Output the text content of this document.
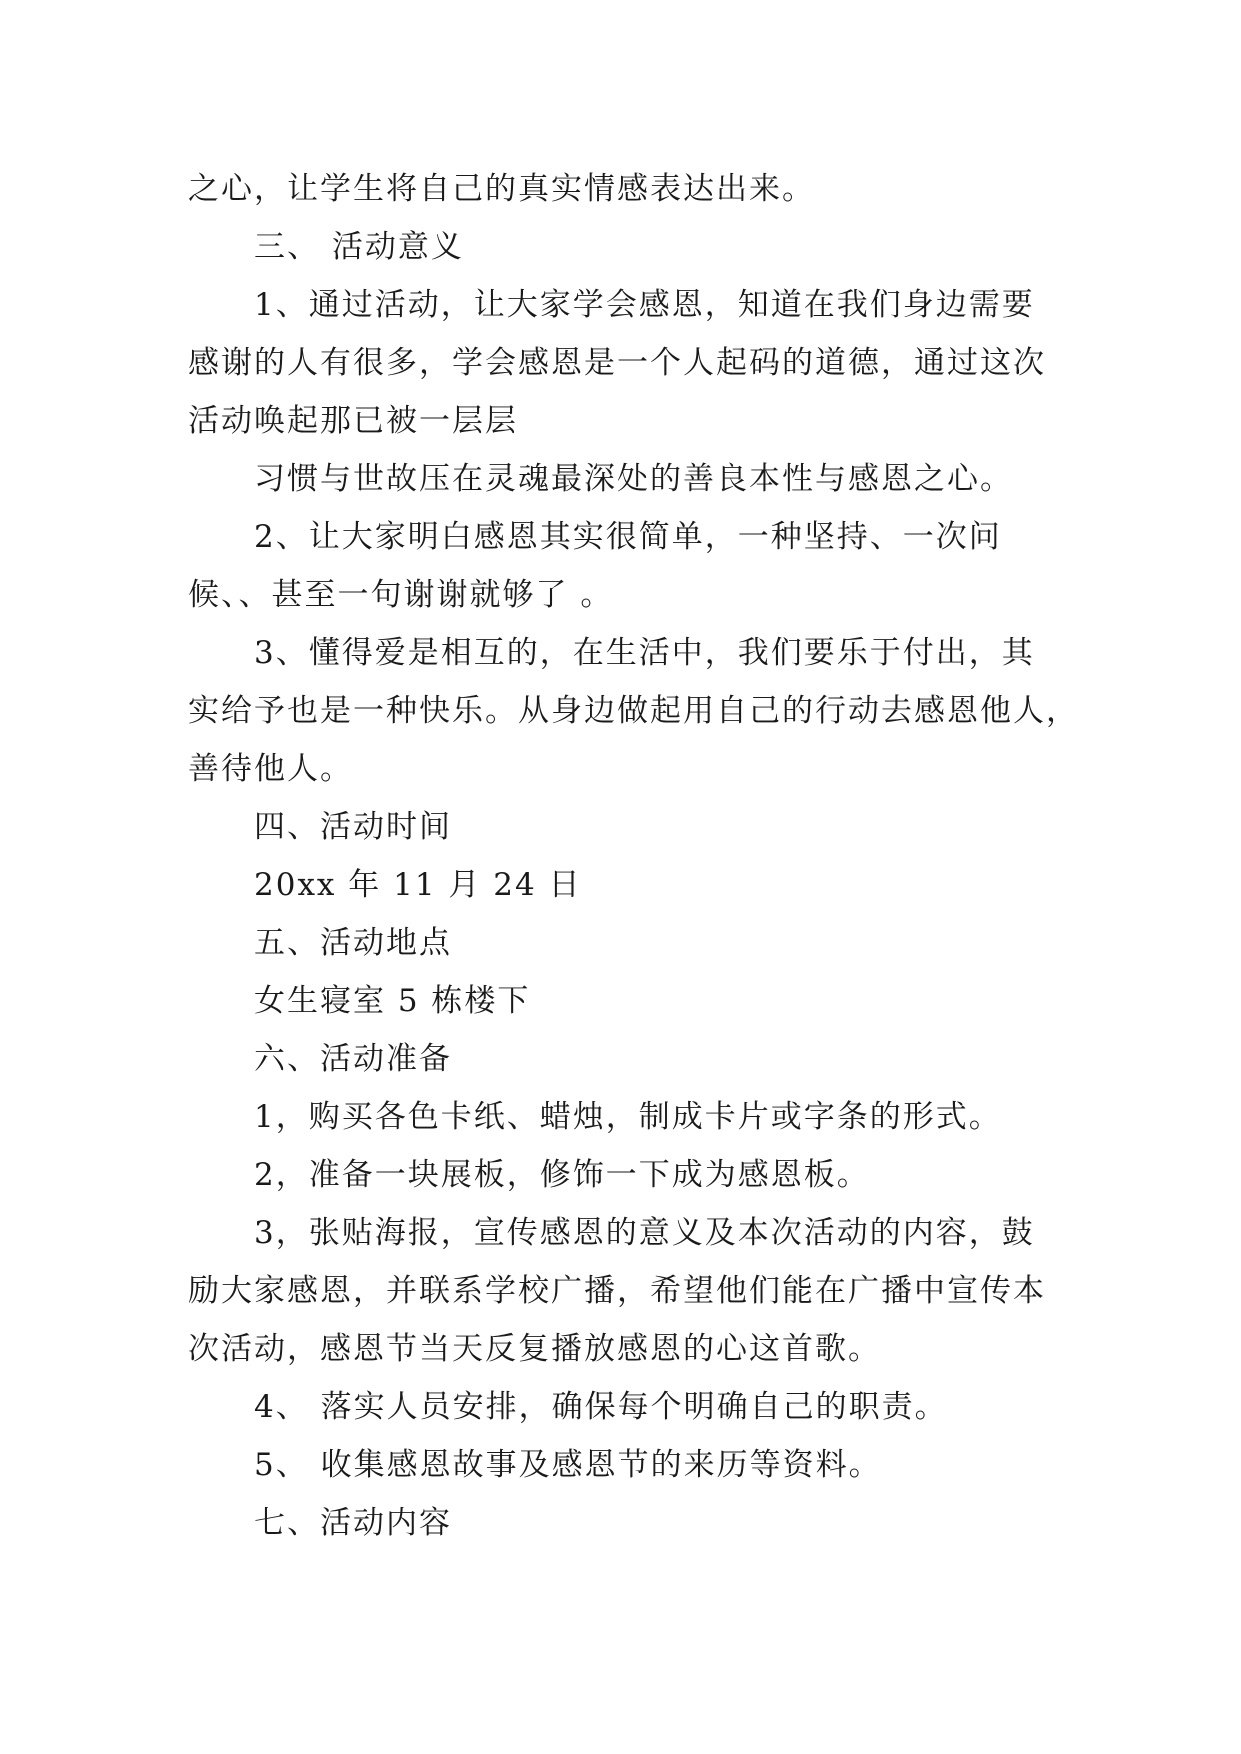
之心，让学生将自己的真实情感表达出来。
三、 活动意义
1、通过活动，让大家学会感恩，知道在我们身边需要
感谢的人有很多，学会感恩是一个人起码的道德，通过这次
活动唤起那已被一层层
习惯与世故压在灵魂最深处的善良本性与感恩之心。
2、让大家明白感恩其实很简单，一种坚持、一次问
候、、甚至一句谢谢就够了 。
3、懂得爱是相互的，在生活中，我们要乐于付出，其
实给予也是一种快乐。从身边做起用自己的行动去感恩他人，
善待他人。
四、活动时间
20xx 年 11 月 24 日
五、活动地点
女生寝室 5 栋楼下
六、活动准备
1，购买各色卡纸、蜡烛，制成卡片或字条的形式。
2，准备一块展板，修饰一下成为感恩板。
3，张贴海报，宣传感恩的意义及本次活动的内容，鼓
励大家感恩，并联系学校广播，希望他们能在广播中宣传本
次活动，感恩节当天反复播放感恩的心这首歌。
4、 落实人员安排，确保每个明确自己的职责。
5、 收集感恩故事及感恩节的来历等资料。
七、活动内容
